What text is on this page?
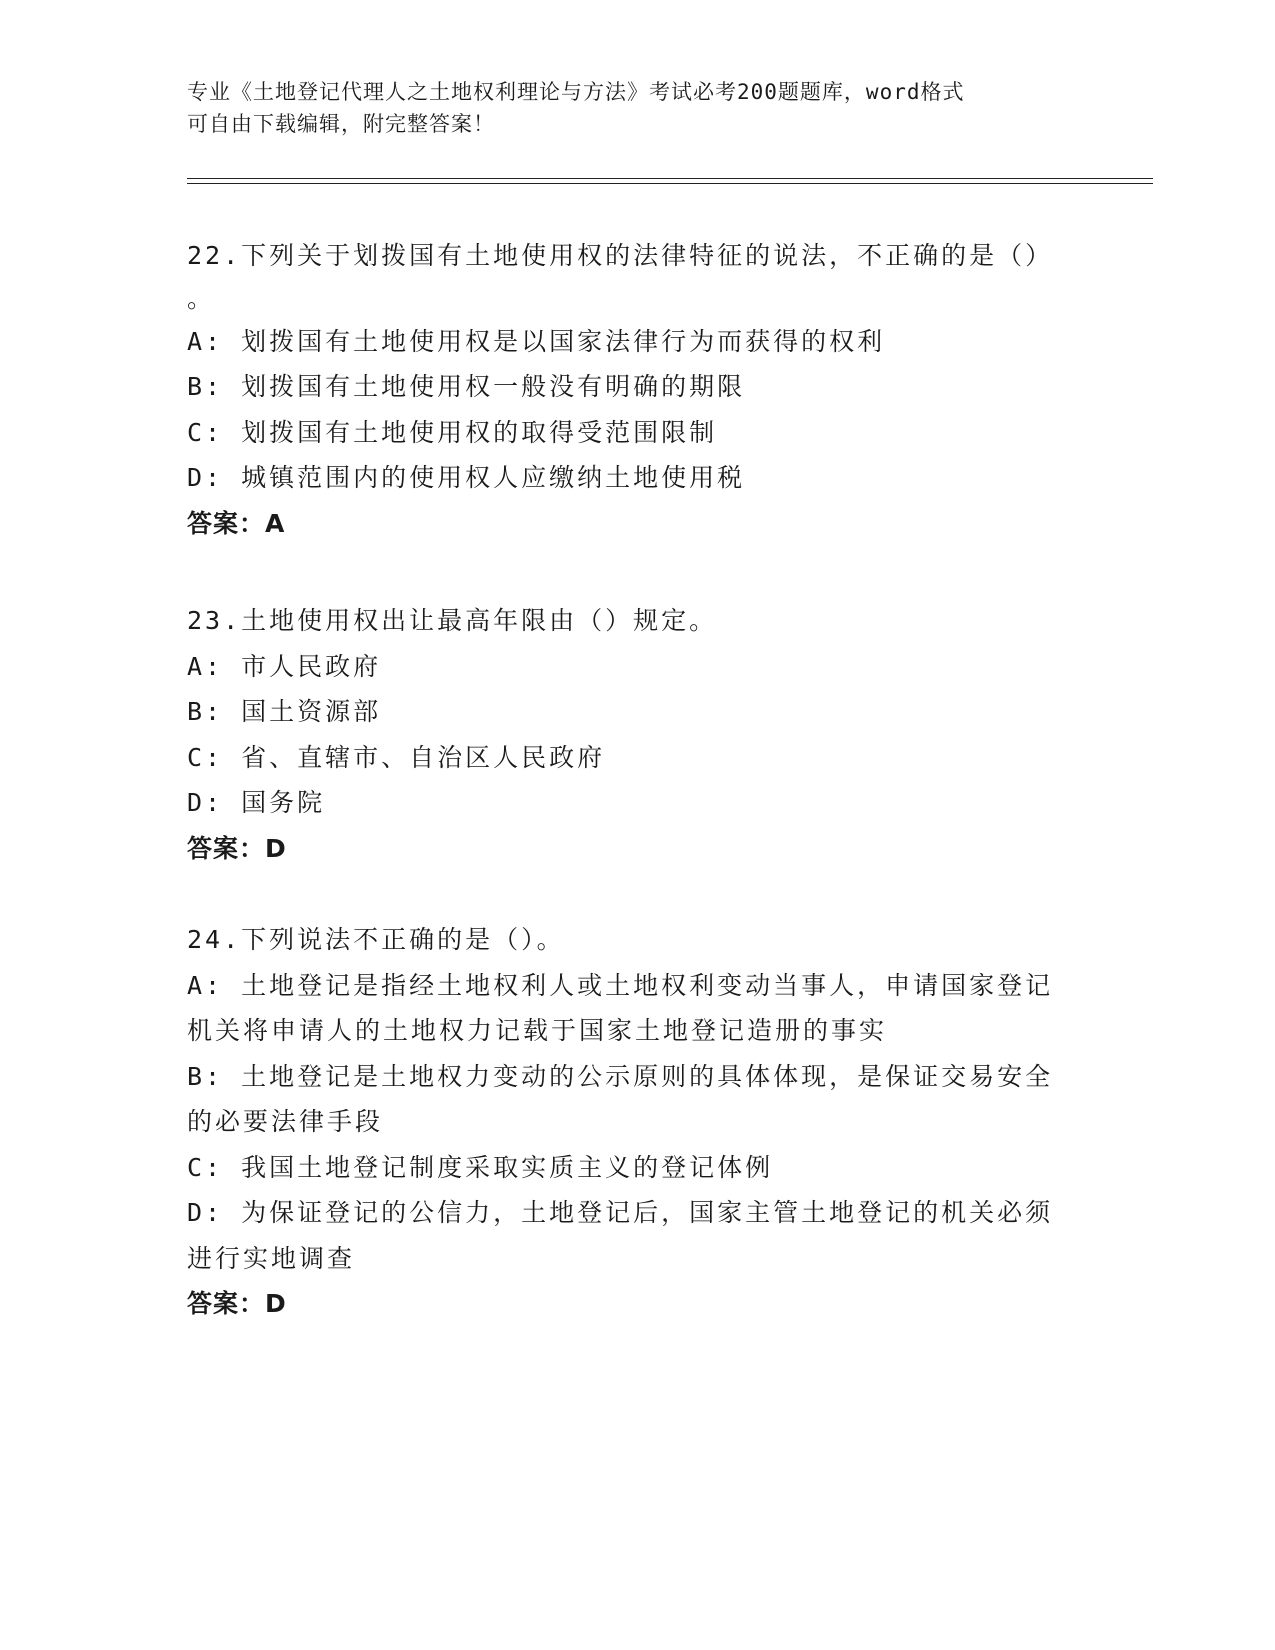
专业《土地登记代理人之土地权利理论与方法》考试必考200题题库，word格式

可自由下载编辑，附完整答案！

22.下列关于划拨国有土地使用权的法律特征的说法，不正确的是（）

。

A: 划拨国有土地使用权是以国家法律行为而获得的权利

B: 划拨国有土地使用权一般没有明确的期限

C: 划拨国有土地使用权的取得受范围限制

D: 城镇范围内的使用权人应缴纳土地使用税

答案：A

23.土地使用权出让最高年限由（）规定。

A: 市人民政府

B: 国土资源部

C: 省、直辖市、自治区人民政府

D: 国务院

答案：D

24.下列说法不正确的是（）。

A: 土地登记是指经土地权利人或土地权利变动当事人，申请国家登记

机关将申请人的土地权力记载于国家土地登记造册的事实

B: 土地登记是土地权力变动的公示原则的具体体现，是保证交易安全

的必要法律手段

C: 我国土地登记制度采取实质主义的登记体例

D: 为保证登记的公信力，土地登记后，国家主管土地登记的机关必须

进行实地调查

答案：D
